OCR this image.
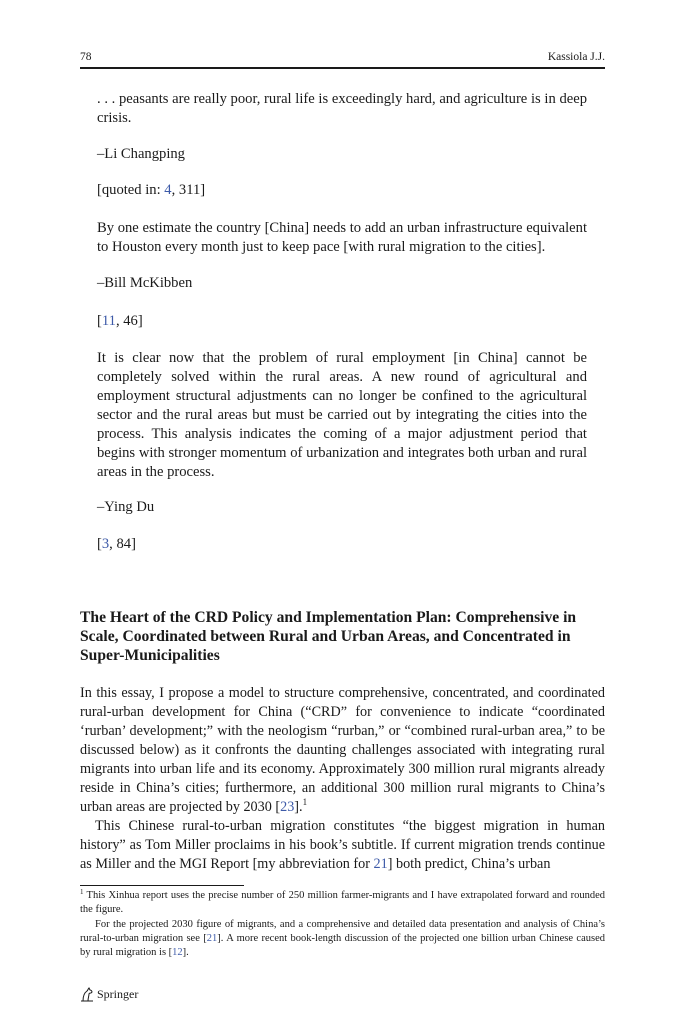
78	Kassiola J.J.

. . . peasants are really poor, rural life is exceedingly hard, and agriculture is in deep crisis.

–Li Changping

[quoted in: 4, 311]

By one estimate the country [China] needs to add an urban infrastructure equivalent to Houston every month just to keep pace [with rural migration to the cities].

–Bill McKibben

[11, 46]

It is clear now that the problem of rural employment [in China] cannot be completely solved within the rural areas. A new round of agricultural and employment structural adjustments can no longer be confined to the agricultural sector and the rural areas but must be carried out by integrating the cities into the process. This analysis indicates the coming of a major adjustment period that begins with stronger momentum of urbanization and integrates both urban and rural areas in the process.

–Ying Du

[3, 84]

The Heart of the CRD Policy and Implementation Plan: Comprehensive in Scale, Coordinated between Rural and Urban Areas, and Concentrated in Super-Municipalities

In this essay, I propose a model to structure comprehensive, concentrated, and coordinated rural-urban development for China (“CRD” for convenience to indicate “coordinated ‘rurban’ development;” with the neologism “rurban,” or “combined rural-urban area,” to be discussed below) as it confronts the daunting challenges associated with integrating rural migrants into urban life and its economy. Approximately 300 million rural migrants already reside in China’s cities; furthermore, an additional 300 million rural migrants to China’s urban areas are projected by 2030 [23].$^1$

This Chinese rural-to-urban migration constitutes “the biggest migration in human history” as Tom Miller proclaims in his book’s subtitle. If current migration trends continue as Miller and the MGI Report [my abbreviation for 21] both predict, China’s urban

$^1$ This Xinhua report uses the precise number of 250 million farmer-migrants and I have extrapolated forward and rounded the figure.

For the projected 2030 figure of migrants, and a comprehensive and detailed data presentation and analysis of China’s rural-to-urban migration see [21]. A more recent book-length discussion of the projected one billion urban Chinese caused by rural migration is [12].

Springer
